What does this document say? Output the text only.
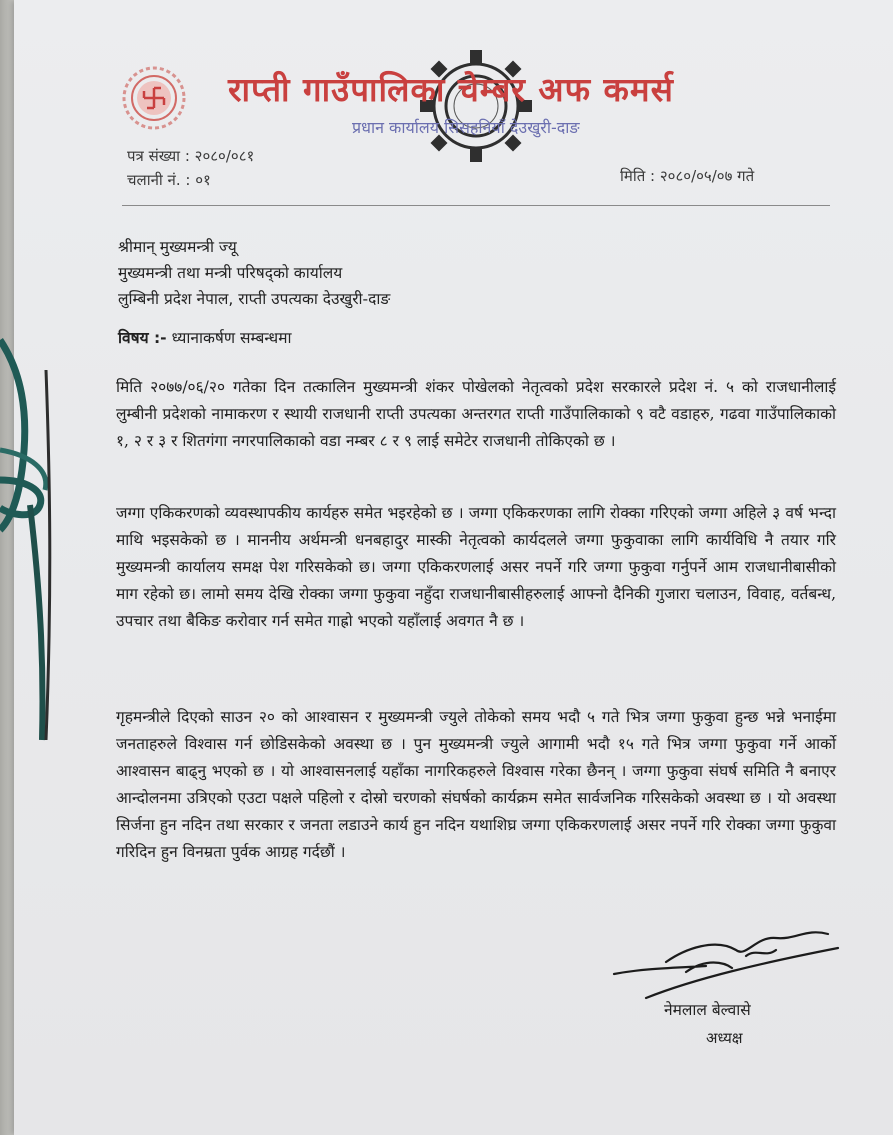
राप्ती गाउँपालिका चेम्बर अफ कमर्स
प्रधान कार्यालय सिसहनियाँ देउखुरी-दाङ
पत्र संख्या : २०८०/०८१
चलानी नं. : ०१	मिति : २०८०/०५/०७ गते
श्रीमान् मुख्यमन्त्री ज्यू
मुख्यमन्त्री तथा मन्त्री परिषद्को कार्यालय
लुम्बिनी प्रदेश नेपाल, राप्ती उपत्यका देउखुरी-दाङ
विषय :- ध्यानाकर्षण सम्बन्धमा
मिति २०७७/०६/२० गतेका दिन तत्कालिन मुख्यमन्त्री शंकर पोखेलको नेतृत्वको प्रदेश सरकारले प्रदेश नं. ५ को राजधानीलाई लुम्बीनी प्रदेशको नामाकरण र स्थायी राजधानी राप्ती उपत्यका अन्तरगत राप्ती गाउँपालिकाको ९ वटै वडाहरु, गढवा गाउँपालिकाको १, २ र ३ र शितगंगा नगरपालिकाको वडा नम्बर ८ र ९ लाई समेटेर राजधानी तोकिएको छ ।
जग्गा एकिकरणको व्यवस्थापकीय कार्यहरु समेत भइरहेको छ । जग्गा एकिकरणका लागि रोक्का गरिएको जग्गा अहिले ३ वर्ष भन्दा माथि भइसकेको छ । माननीय अर्थमन्त्री धनबहादुर मास्की नेतृत्वको कार्यदलले जग्गा फुकुवाका लागि कार्यविधि नै तयार गरि मुख्यमन्त्री कार्यालय समक्ष पेश गरिसकेको छ। जग्गा एकिकरणलाई असर नपर्ने गरि जग्गा फुकुवा गर्नुपर्ने आम राजधानीबासीको माग रहेको छ। लामो समय देखि रोक्का जग्गा फुकुवा नहुँदा राजधानीबासीहरुलाई आफ्नो दैनिकी गुजारा चलाउन, विवाह, वर्तबन्ध, उपचार तथा बैकिङ करोवार गर्न समेत गाह्रो भएको यहाँलाई अवगत नै छ ।
गृहमन्त्रीले दिएको साउन २० को आश्वासन र मुख्यमन्त्री ज्युले तोकेको समय भदौ ५ गते भित्र जग्गा फुकुवा हुन्छ भन्ने भनाईमा जनताहरुले विश्वास गर्न छोडिसकेको अवस्था छ । पुन मुख्यमन्त्री ज्युले आगामी भदौ १५ गते भित्र जग्गा फुकुवा गर्ने आर्को आश्वासन बाढ्नु भएको छ । यो आश्वासनलाई यहाँका नागरिकहरुले विश्वास गरेका छैनन् । जग्गा फुकुवा संघर्ष समिति नै बनाएर आन्दोलनमा उत्रिएको एउटा पक्षले पहिलो र दोस्रो चरणको संघर्षको कार्यक्रम समेत सार्वजनिक गरिसकेको अवस्था छ । यो अवस्था सिर्जना हुन नदिन तथा सरकार र जनता लडाउने कार्य हुन नदिन यथाशिघ्र जग्गा एकिकरणलाई असर नपर्ने गरि रोक्का जग्गा फुकुवा गरिदिन हुन विनम्रता पुर्वक आग्रह गर्दछौं ।
नेमलाल बेल्वासे
अध्यक्ष
